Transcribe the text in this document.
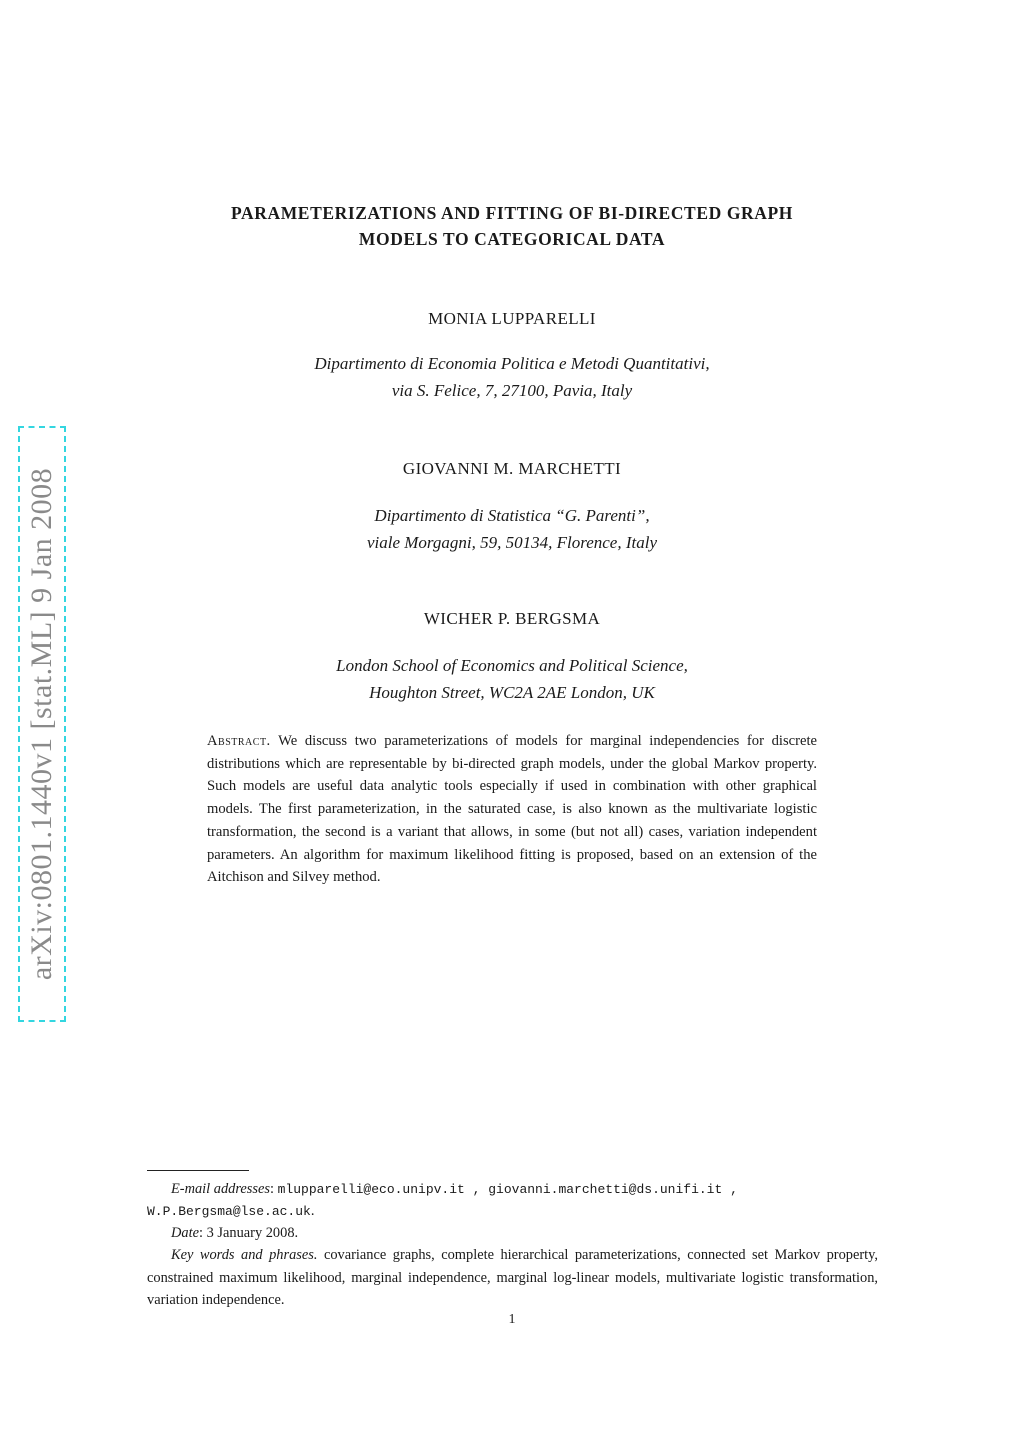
arXiv:0801.1440v1 [stat.ML] 9 Jan 2008
PARAMETERIZATIONS AND FITTING OF BI-DIRECTED GRAPH
MODELS TO CATEGORICAL DATA
MONIA LUPPARELLI
Dipartimento di Economia Politica e Metodi Quantitativi,
via S. Felice, 7, 27100, Pavia, Italy
GIOVANNI M. MARCHETTI
Dipartimento di Statistica “G. Parenti”,
viale Morgagni, 59, 50134, Florence, Italy
WICHER P. BERGSMA
London School of Economics and Political Science,
Houghton Street, WC2A 2AE London, UK
Abstract. We discuss two parameterizations of models for marginal independencies for discrete distributions which are representable by bi-directed graph models, under the global Markov property. Such models are useful data analytic tools especially if used in combination with other graphical models. The first parameterization, in the saturated case, is also known as the multivariate logistic transformation, the second is a variant that allows, in some (but not all) cases, variation independent parameters. An algorithm for maximum likelihood fitting is proposed, based on an extension of the Aitchison and Silvey method.
E-mail addresses: mlupparelli@eco.unipv.it , giovanni.marchetti@ds.unifi.it ,
W.P.Bergsma@lse.ac.uk.
Date: 3 January 2008.
Key words and phrases. covariance graphs, complete hierarchical parameterizations, connected set Markov property, constrained maximum likelihood, marginal independence, marginal log-linear models, multivariate logistic transformation, variation independence.
1
